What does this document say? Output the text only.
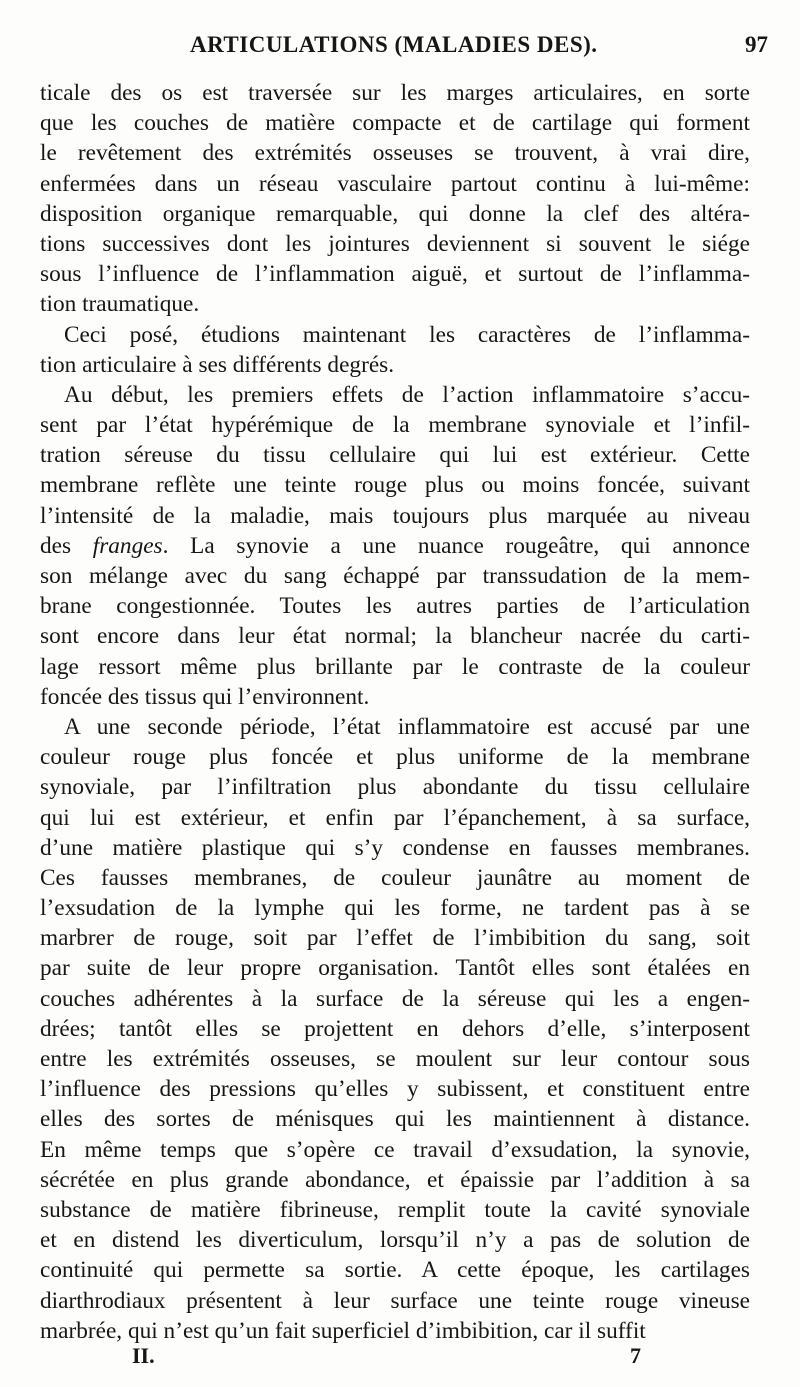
ARTICULATIONS (MALADIES DES).	97
ticale des os est traversée sur les marges articulaires, en sorte
que les couches de matière compacte et de cartilage qui forment
le revêtement des extrémités osseuses se trouvent, à vrai dire,
enfermées dans un réseau vasculaire partout continu à lui-même:
disposition organique remarquable, qui donne la clef des altéra-
tions successives dont les jointures deviennent si souvent le siége
sous l’influence de l’inflammation aiguë, et surtout de l’inflamma-
tion traumatique.
Ceci posé, étudions maintenant les caractères de l’inflamma-
tion articulaire à ses différents degrés.
Au début, les premiers effets de l’action inflammatoire s’accu-
sent par l’état hypérémique de la membrane synoviale et l’infil-
tration séreuse du tissu cellulaire qui lui est extérieur. Cette
membrane reflète une teinte rouge plus ou moins foncée, suivant
l’intensité de la maladie, mais toujours plus marquée au niveau
des franges. La synovie a une nuance rougeâtre, qui annonce
son mélange avec du sang échappé par transsudation de la mem-
brane congestionnée. Toutes les autres parties de l’articulation
sont encore dans leur état normal; la blancheur nacrée du carti-
lage ressort même plus brillante par le contraste de la couleur
foncée des tissus qui l’environnent.
A une seconde période, l’état inflammatoire est accusé par une
couleur rouge plus foncée et plus uniforme de la membrane
synoviale, par l’infiltration plus abondante du tissu cellulaire
qui lui est extérieur, et enfin par l’épanchement, à sa surface,
d’une matière plastique qui s’y condense en fausses membranes.
Ces fausses membranes, de couleur jaunâtre au moment de
l’exsudation de la lymphe qui les forme, ne tardent pas à se
marbrer de rouge, soit par l’effet de l’imbibition du sang, soit
par suite de leur propre organisation. Tantôt elles sont étalées en
couches adhérentes à la surface de la séreuse qui les a engen-
drées; tantôt elles se projettent en dehors d’elle, s’interposent
entre les extrémités osseuses, se moulent sur leur contour sous
l’influence des pressions qu’elles y subissent, et constituent entre
elles des sortes de ménisques qui les maintiennent à distance.
En même temps que s’opère ce travail d’exsudation, la synovie,
sécrétée en plus grande abondance, et épaissie par l’addition à sa
substance de matière fibrineuse, remplit toute la cavité synoviale
et en distend les diverticulum, lorsqu’il n’y a pas de solution de
continuité qui permette sa sortie. A cette époque, les cartilages
diarthrodiaux présentent à leur surface une teinte rouge vineuse
marbrée, qui n’est qu’un fait superficiel d’imbibition, car il suffit
II.	7
